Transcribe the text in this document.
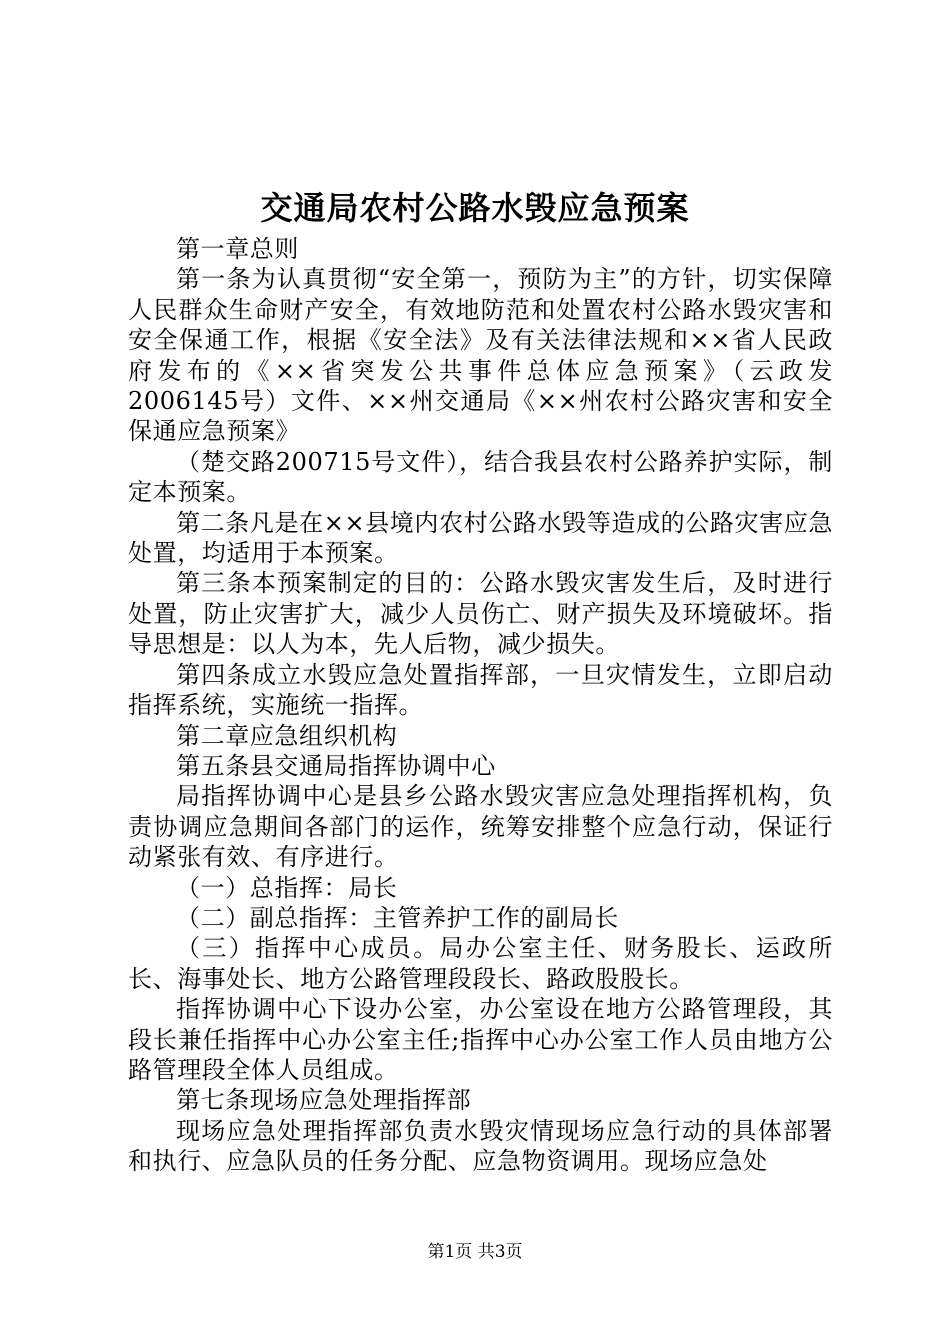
交通局农村公路水毁应急预案

第一章总则

第一条为认真贯彻“安全第一，预防为主”的方针，切实保障人民群众生命财产安全，有效地防范和处置农村公路水毁灾害和安全保通工作，根据《安全法》及有关法律法规和××省人民政府发布的《××省突发公共事件总体应急预案》（云政发2006145号）文件、××州交通局《××州农村公路灾害和安全保通应急预案》

（楚交路200715号文件），结合我县农村公路养护实际，制定本预案。

第二条凡是在××县境内农村公路水毁等造成的公路灾害应急处置，均适用于本预案。

第三条本预案制定的目的：公路水毁灾害发生后，及时进行处置，防止灾害扩大，减少人员伤亡、财产损失及环境破坏。指导思想是：以人为本，先人后物，减少损失。

第四条成立水毁应急处置指挥部，一旦灾情发生，立即启动指挥系统，实施统一指挥。

第二章应急组织机构

第五条县交通局指挥协调中心

局指挥协调中心是县乡公路水毁灾害应急处理指挥机构，负责协调应急期间各部门的运作，统筹安排整个应急行动，保证行动紧张有效、有序进行。

（一）总指挥：局长

（二）副总指挥：主管养护工作的副局长

（三）指挥中心成员。局办公室主任、财务股长、运政所长、海事处长、地方公路管理段段长、路政股股长。

指挥协调中心下设办公室，办公室设在地方公路管理段，其段长兼任指挥中心办公室主任;指挥中心办公室工作人员由地方公路管理段全体人员组成。

第七条现场应急处理指挥部

现场应急处理指挥部负责水毁灾情现场应急行动的具体部署和执行、应急队员的任务分配、应急物资调用。现场应急处

第1页 共3页
